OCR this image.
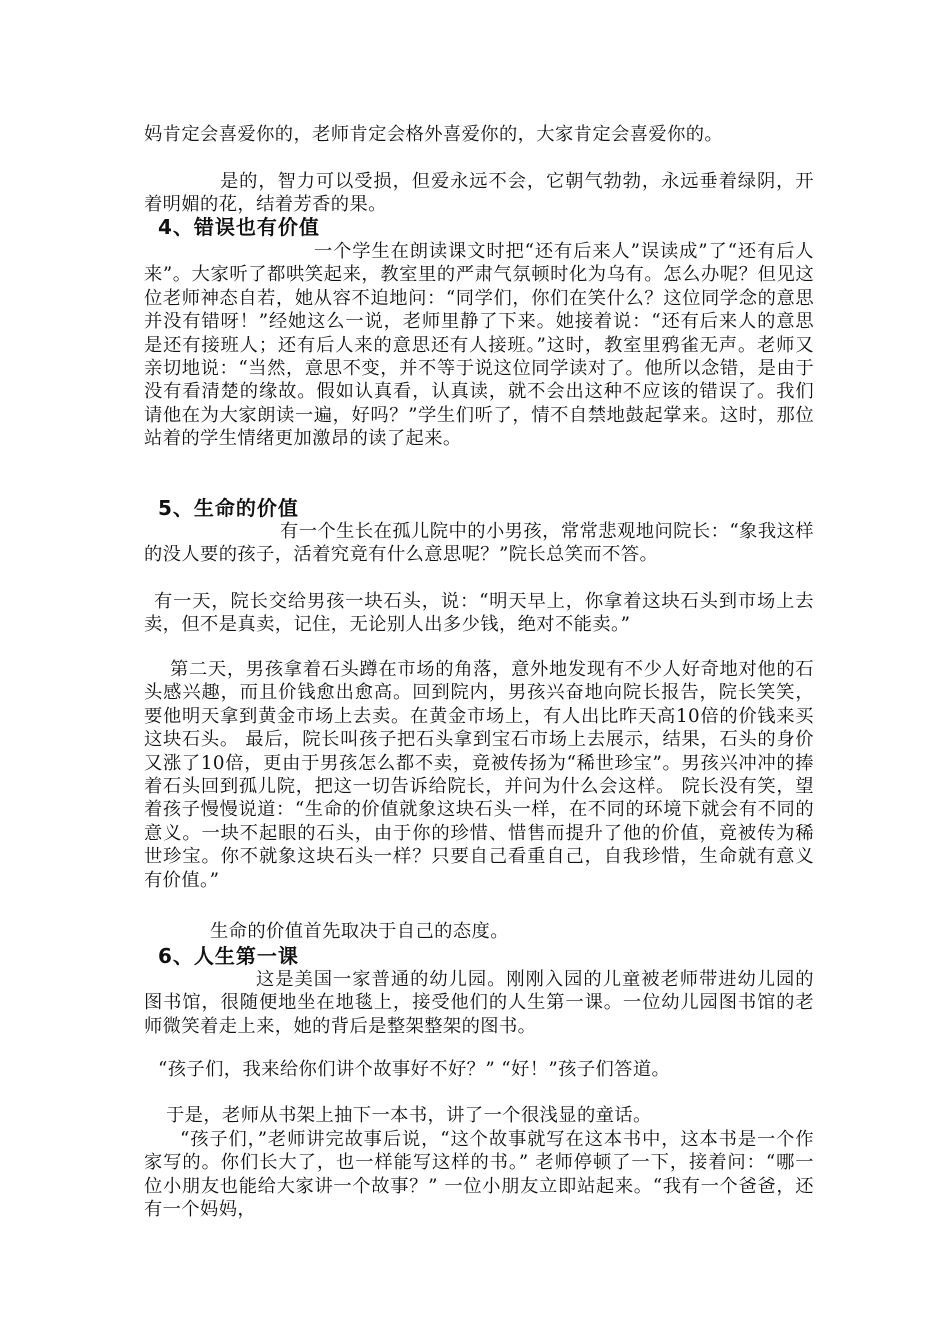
妈肯定会喜爱你的，老师肯定会格外喜爱你的，大家肯定会喜爱你的。

是的，智力可以受损，但爱永远不会，它朝气勃勃，永远垂着绿阴，开着明媚的花，结着芳香的果。

4、错误也有价值

一个学生在朗读课文时把“还有后来人”误读成”了“还有后人来”。大家听了都哄笑起来，教室里的严肃气氛顿时化为乌有。怎么办呢？但见这位老师神态自若，她从容不迫地问：“同学们，你们在笑什么？这位同学念的意思并没有错呀！”经她这么一说，老师里静了下来。她接着说：“还有后来人的意思是还有接班人；还有后人来的意思还有人接班。”这时，教室里鸦雀无声。老师又亲切地说：“当然，意思不变，并不等于说这位同学读对了。他所以念错，是由于没有看清楚的缘故。假如认真看，认真读，就不会出这种不应该的错误了。我们请他在为大家朗读一遍，好吗？”学生们听了，情不自禁地鼓起掌来。这时，那位站着的学生情绪更加激昂的读了起来。

5、生命的价值

有一个生长在孤儿院中的小男孩，常常悲观地问院长：“象我这样的没人要的孩子，活着究竟有什么意思呢？”院长总笑而不答。

有一天，院长交给男孩一块石头，说：“明天早上，你拿着这块石头到市场上去卖，但不是真卖，记住，无论别人出多少钱，绝对不能卖。”

第二天，男孩拿着石头蹲在市场的角落，意外地发现有不少人好奇地对他的石头感兴趣，而且价钱愈出愈高。回到院内，男孩兴奋地向院长报告，院长笑笑，要他明天拿到黄金市场上去卖。在黄金市场上，有人出比昨天高10倍的价钱来买这块石头。 最后，院长叫孩子把石头拿到宝石市场上去展示，结果，石头的身价又涨了10倍，更由于男孩怎么都不卖，竟被传扬为“稀世珍宝”。男孩兴冲冲的捧着石头回到孤儿院，把这一切告诉给院长，并问为什么会这样。 院长没有笑，望着孩子慢慢说道：“生命的价值就象这块石头一样，在不同的环境下就会有不同的意义。一块不起眼的石头，由于你的珍惜、惜售而提升了他的价值，竟被传为稀世珍宝。你不就象这块石头一样？只要自己看重自己，自我珍惜，生命就有意义有价值。”

生命的价值首先取决于自己的态度。

6、人生第一课

这是美国一家普通的幼儿园。刚刚入园的儿童被老师带进幼儿园的图书馆，很随便地坐在地毯上，接受他们的人生第一课。一位幼儿园图书馆的老师微笑着走上来，她的背后是整架整架的图书。

“孩子们，我来给你们讲个故事好不好？” “好！”孩子们答道。

于是，老师从书架上抽下一本书，讲了一个很浅显的童话。

“孩子们，”老师讲完故事后说，“这个故事就写在这本书中，这本书是一个作家写的。你们长大了，也一样能写这样的书。” 老师停顿了一下，接着问：“哪一位小朋友也能给大家讲一个故事？” 一位小朋友立即站起来。“我有一个爸爸，还有一个妈妈，
